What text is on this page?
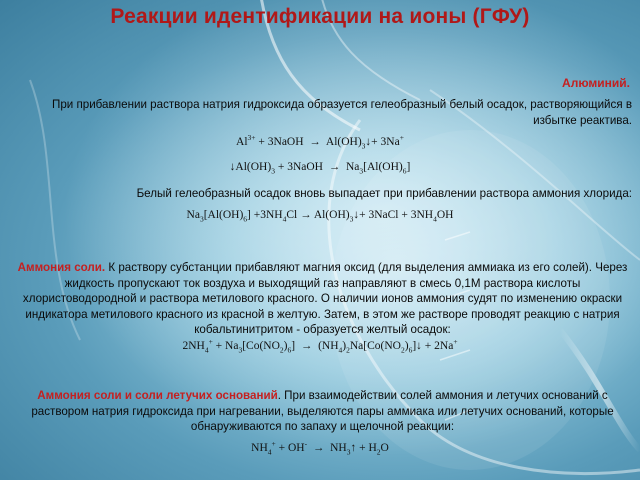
Реакции идентификации на ионы (ГФУ)
Алюминий.
При прибавлении раствора натрия гидроксида образуется гелеобразный белый осадок, растворяющийся в избытке реактива.
$Al^{3+}$ + 3NaOH  →  $Al(OH)_3↓+ 3Na^+$
$↓Al(OH)_3$ + 3NaOH  →  $Na_3[Al(OH)_6]$
Белый гелеобразный осадок вновь выпадает при прибавлении раствора аммония хлорида:
$Na_3[Al(OH)_6] +3NH_4Cl$ → $Al(OH)_3↓+$ 3NaCl + $3NH_4OH$
Аммония соли. К раствору субстанции прибавляют магния оксид (для выделения аммиака из его солей). Через жидкость пропускают ток воздуха и выходящий газ направляют в смесь 0,1М раствора кислоты хлористоводородной и раствора метилового красного. О наличии ионов аммония судят по изменению окраски индикатора метилового красного из красной в желтую. Затем, в этом же растворе проводят реакцию с натрия кобальтинитритом - образуется желтый осадок:
$2NH_4^+ + Na_3[Co(NO_2)_6]$  →  $(NH_4)_2Na[Co(NO_2)_6]↓ + 2Na^+$
Аммония соли и соли летучих оснований. При взаимодействии солей аммония и летучих оснований с раствором натрия гидроксида при нагревании, выделяются пары аммиака или летучих оснований, которые обнаруживаются по запаху и щелочной реакции:
$NH_4^+ + OH^-$  →  $NH_3↑ + H_2O$
